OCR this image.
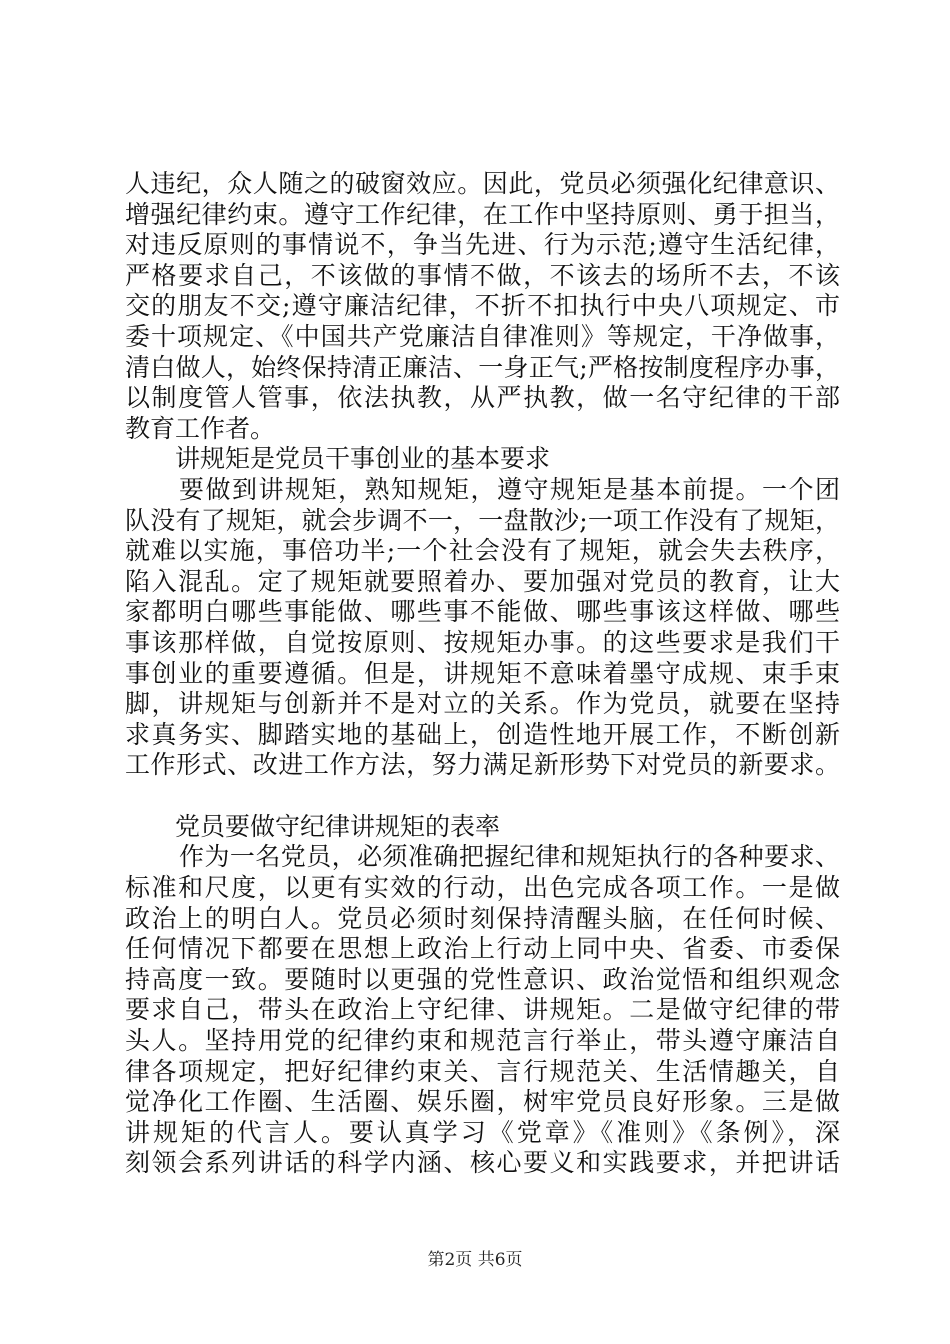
人违纪，众人随之的破窗效应。因此，党员必须强化纪律意识、
增强纪律约束。遵守工作纪律，在工作中坚持原则、勇于担当，
对违反原则的事情说不，争当先进、行为示范;遵守生活纪律，
严格要求自己，不该做的事情不做，不该去的场所不去，不该
交的朋友不交;遵守廉洁纪律，不折不扣执行中央八项规定、市
委十项规定、《中国共产党廉洁自律准则》等规定，干净做事，
清白做人，始终保持清正廉洁、一身正气;严格按制度程序办事，
以制度管人管事，依法执教，从严执教，做一名守纪律的干部
教育工作者。
讲规矩是党员干事创业的基本要求
要做到讲规矩，熟知规矩，遵守规矩是基本前提。一个团
队没有了规矩，就会步调不一，一盘散沙;一项工作没有了规矩，
就难以实施，事倍功半;一个社会没有了规矩，就会失去秩序，
陷入混乱。定了规矩就要照着办、要加强对党员的教育，让大
家都明白哪些事能做、哪些事不能做、哪些事该这样做、哪些
事该那样做，自觉按原则、按规矩办事。的这些要求是我们干
事创业的重要遵循。但是，讲规矩不意味着墨守成规、束手束
脚，讲规矩与创新并不是对立的关系。作为党员，就要在坚持
求真务实、脚踏实地的基础上，创造性地开展工作，不断创新
工作形式、改进工作方法，努力满足新形势下对党员的新要求。
党员要做守纪律讲规矩的表率
作为一名党员，必须准确把握纪律和规矩执行的各种要求、
标准和尺度，以更有实效的行动，出色完成各项工作。一是做
政治上的明白人。党员必须时刻保持清醒头脑，在任何时候、
任何情况下都要在思想上政治上行动上同中央、省委、市委保
持高度一致。要随时以更强的党性意识、政治觉悟和组织观念
要求自己，带头在政治上守纪律、讲规矩。二是做守纪律的带
头人。坚持用党的纪律约束和规范言行举止，带头遵守廉洁自
律各项规定，把好纪律约束关、言行规范关、生活情趣关，自
觉净化工作圈、生活圈、娱乐圈，树牢党员良好形象。三是做
讲规矩的代言人。要认真学习《党章》《准则》《条例》，深
刻领会系列讲话的科学内涵、核心要义和实践要求，并把讲话
第2页 共6页
